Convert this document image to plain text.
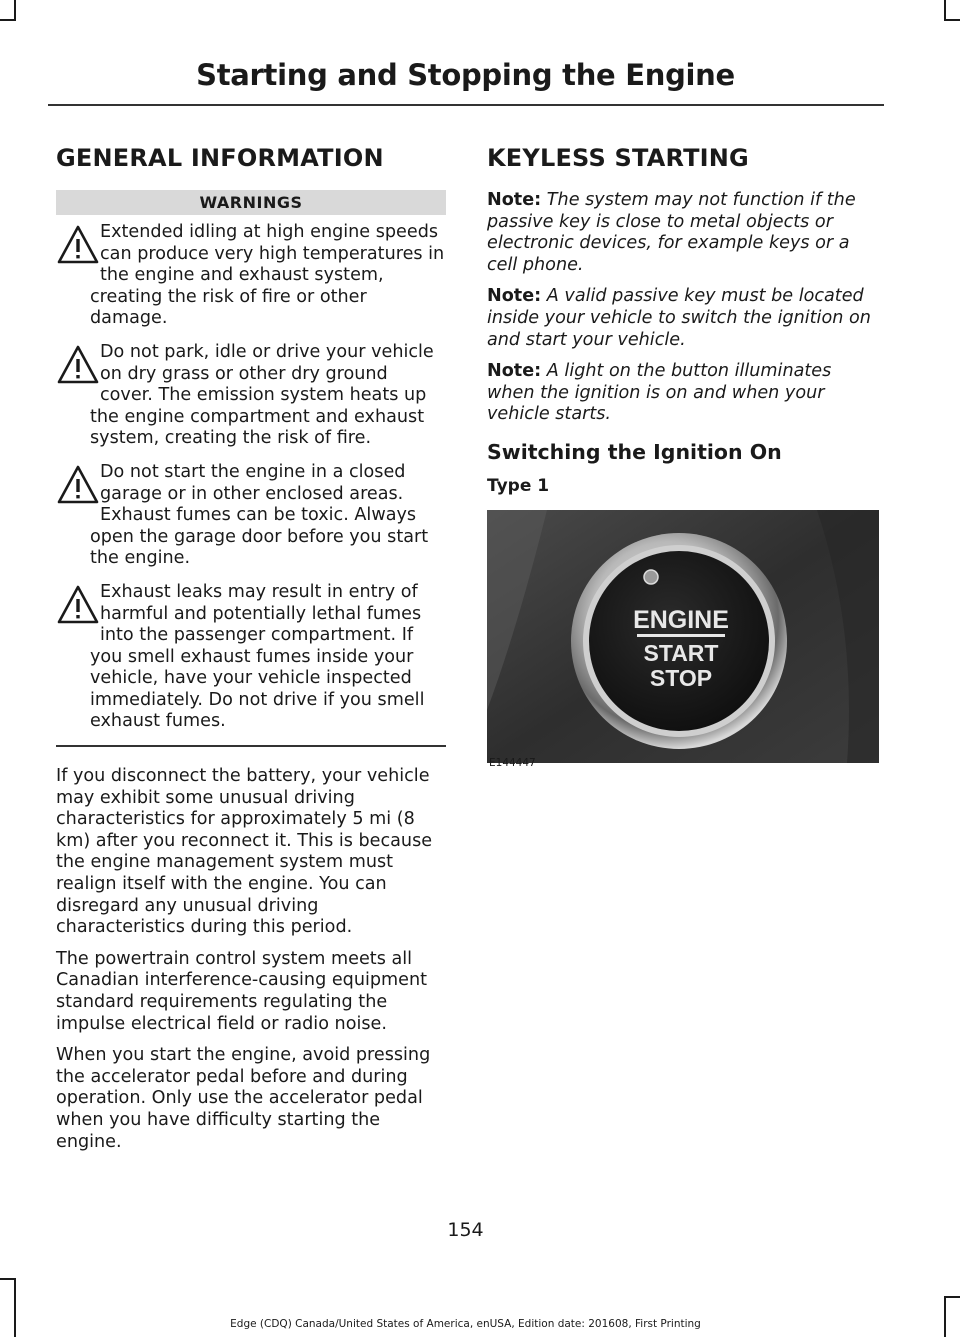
Starting and Stopping the Engine
GENERAL INFORMATION
WARNINGS

Extended idling at high engine speeds can produce very high temperatures in the engine and exhaust system, creating the risk of fire or other damage.

Do not park, idle or drive your vehicle on dry grass or other dry ground cover. The emission system heats up the engine compartment and exhaust system, creating the risk of fire.

Do not start the engine in a closed garage or in other enclosed areas. Exhaust fumes can be toxic. Always open the garage door before you start the engine.

Exhaust leaks may result in entry of harmful and potentially lethal fumes into the passenger compartment. If you smell exhaust fumes inside your vehicle, have your vehicle inspected immediately. Do not drive if you smell exhaust fumes.

If you disconnect the battery, your vehicle may exhibit some unusual driving characteristics for approximately 5 mi (8 km) after you reconnect it. This is because the engine management system must realign itself with the engine. You can disregard any unusual driving characteristics during this period.

The powertrain control system meets all Canadian interference-causing equipment standard requirements regulating the impulse electrical field or radio noise.

When you start the engine, avoid pressing the accelerator pedal before and during operation. Only use the accelerator pedal when you have difficulty starting the engine.

KEYLESS STARTING

Note: The system may not function if the passive key is close to metal objects or electronic devices, for example keys or a cell phone.

Note: A valid passive key must be located inside your vehicle to switch the ignition on and start your vehicle.

Note: A light on the button illuminates when the ignition is on and when your vehicle starts.

Switching the Ignition On
Type 1
ENGINE
START
STOP
E144447
154
Edge (CDQ) Canada/United States of America, enUSA, Edition date: 201608, First Printing
